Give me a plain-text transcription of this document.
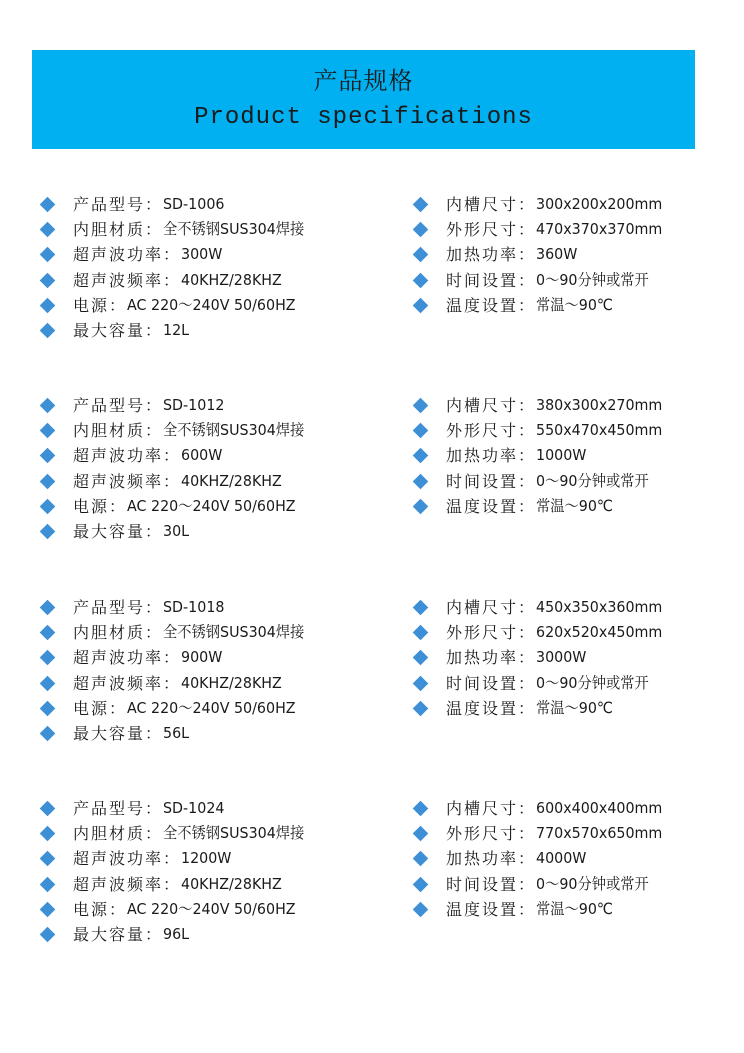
产品规格
Product specifications
产品型号： SD-1006
内胆材质： 全不锈钢SUS304焊接
超声波功率： 300W
超声波频率： 40KHZ/28KHZ
电源： AC 220～240V 50/60HZ
最大容量： 12L
内槽尺寸： 300x200x200mm
外形尺寸： 470x370x370mm
加热功率： 360W
时间设置： 0～90分钟或常开
温度设置： 常温～90℃
产品型号： SD-1012
内胆材质： 全不锈钢SUS304焊接
超声波功率： 600W
超声波频率： 40KHZ/28KHZ
电源： AC 220～240V 50/60HZ
最大容量： 30L
内槽尺寸： 380x300x270mm
外形尺寸： 550x470x450mm
加热功率： 1000W
时间设置： 0～90分钟或常开
温度设置： 常温～90℃
产品型号： SD-1018
内胆材质： 全不锈钢SUS304焊接
超声波功率： 900W
超声波频率： 40KHZ/28KHZ
电源： AC 220～240V 50/60HZ
最大容量： 56L
内槽尺寸： 450x350x360mm
外形尺寸： 620x520x450mm
加热功率： 3000W
时间设置： 0～90分钟或常开
温度设置： 常温～90℃
产品型号： SD-1024
内胆材质： 全不锈钢SUS304焊接
超声波功率： 1200W
超声波频率： 40KHZ/28KHZ
电源： AC 220～240V 50/60HZ
最大容量： 96L
内槽尺寸： 600x400x400mm
外形尺寸： 770x570x650mm
加热功率： 4000W
时间设置： 0～90分钟或常开
温度设置： 常温～90℃
